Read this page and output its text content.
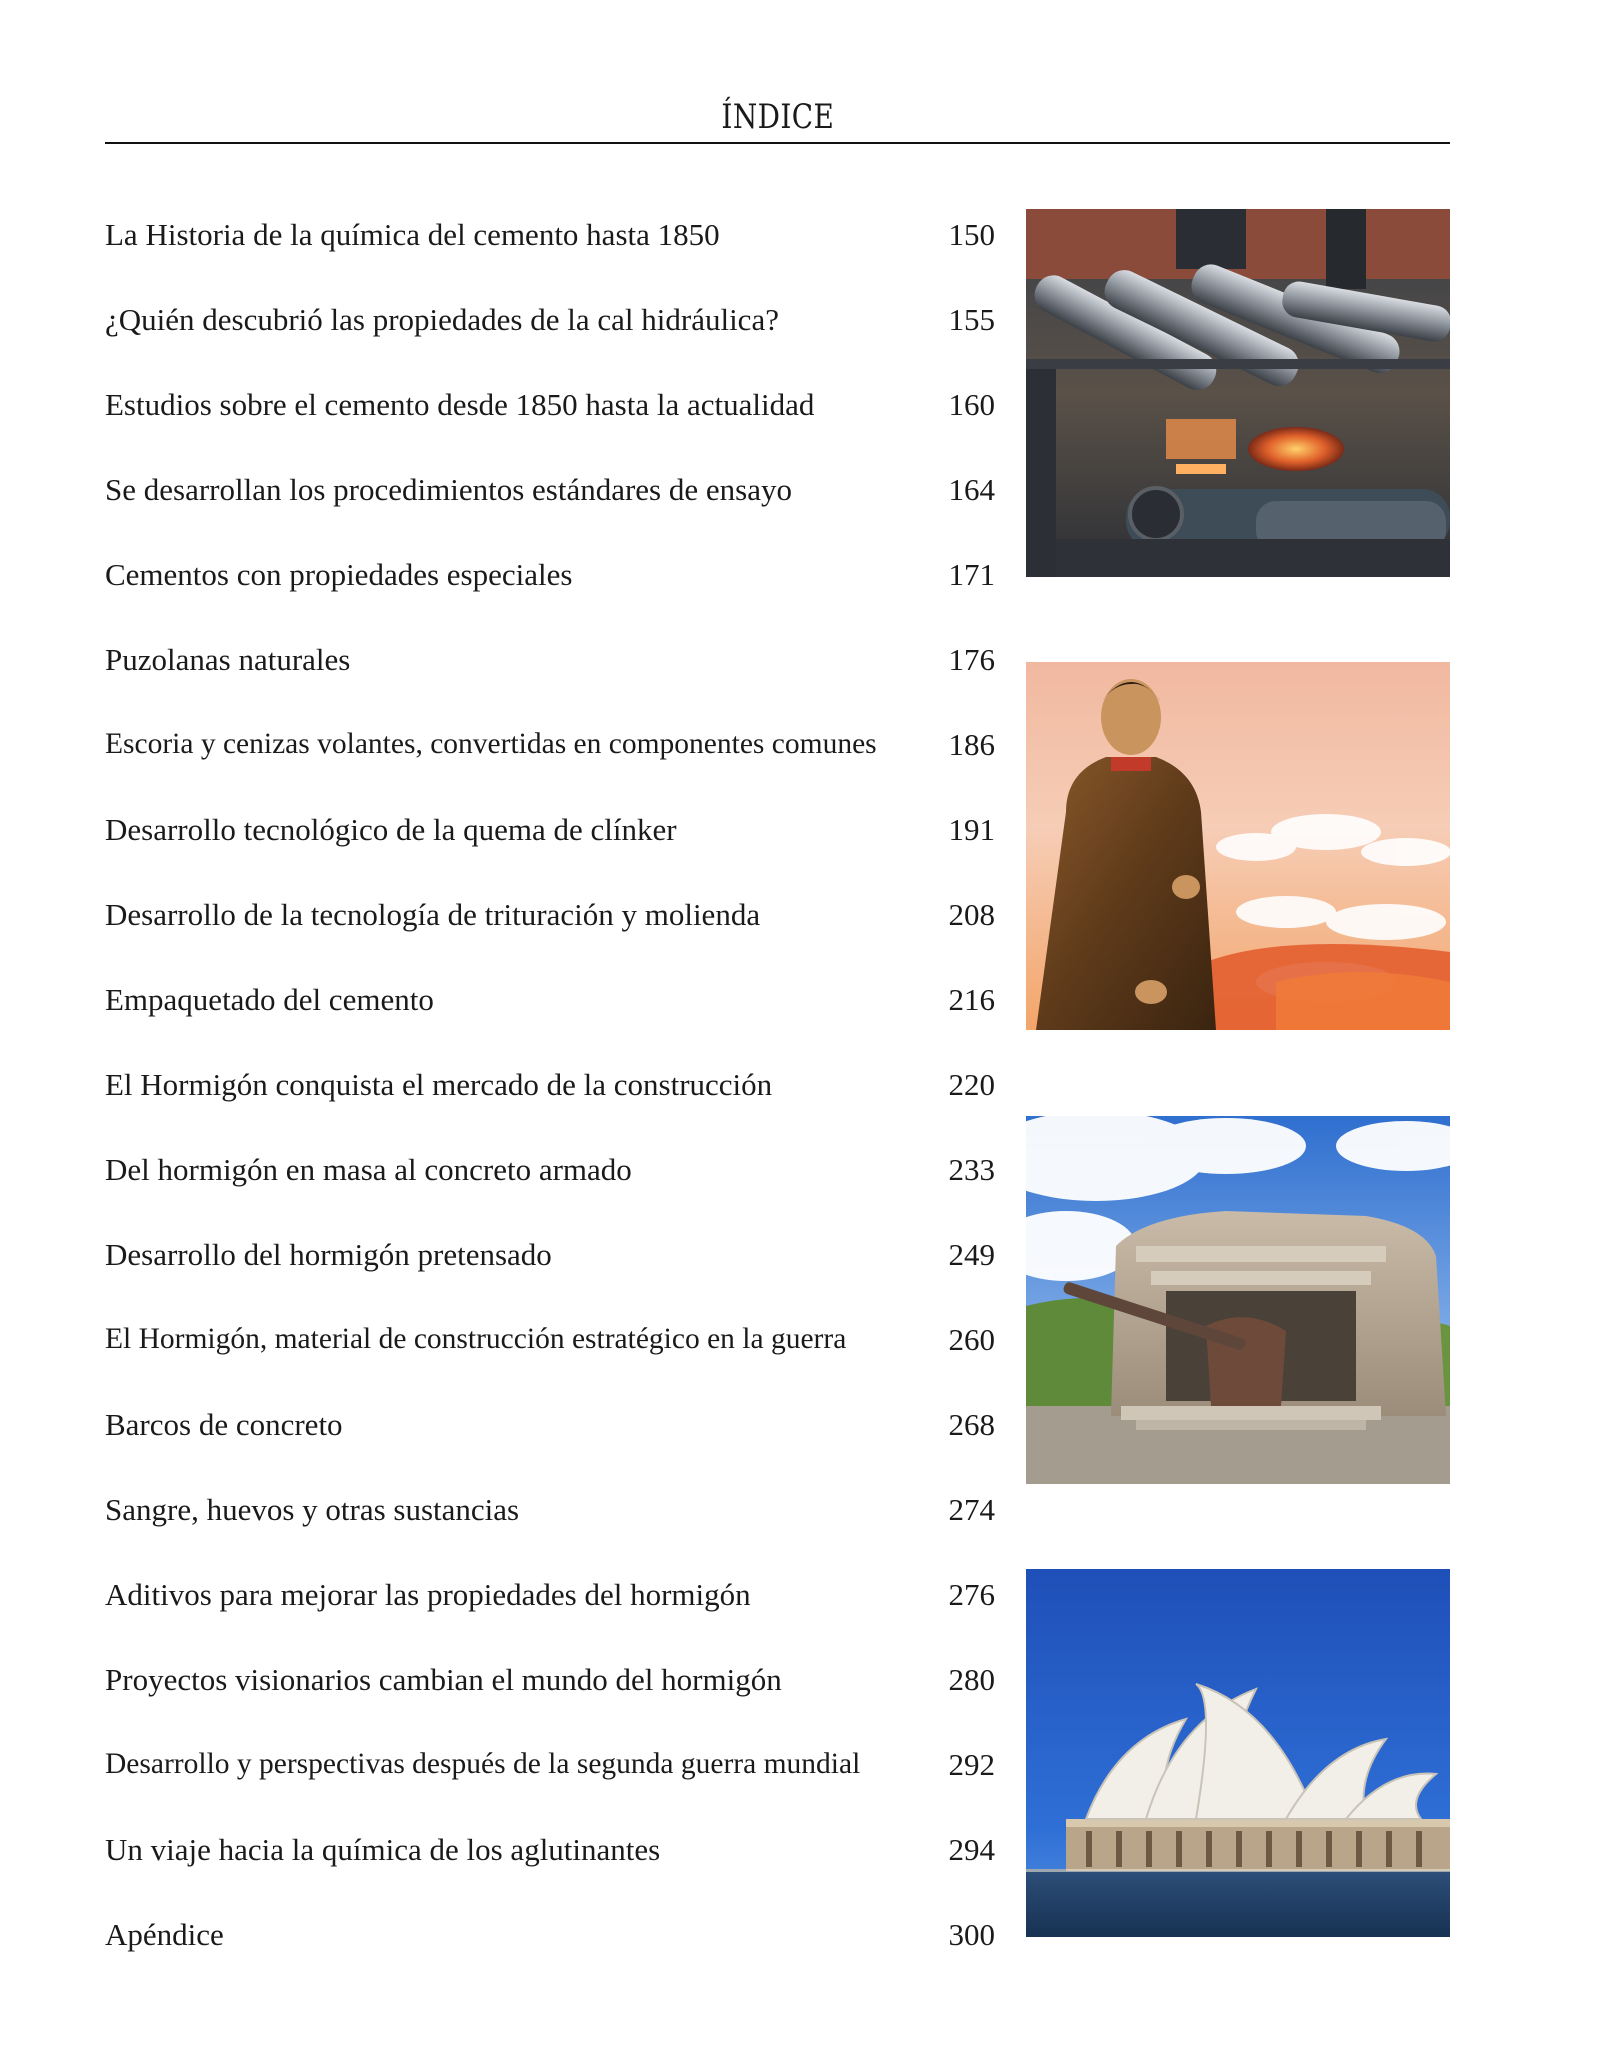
ÍNDICE
La Historia de la química del cemento hasta 1850	150
¿Quién descubrió las propiedades de la cal hidráulica?	155
Estudios sobre el cemento desde 1850 hasta la actualidad	160
Se desarrollan los procedimientos estándares de ensayo	164
Cementos con propiedades especiales	171
Puzolanas naturales	176
Escoria y cenizas volantes, convertidas en componentes comunes	186
Desarrollo tecnológico de la quema de clínker	191
Desarrollo de la tecnología de trituración y molienda	208
Empaquetado del cemento	216
El Hormigón conquista el mercado de la construcción	220
Del hormigón en masa al concreto armado	233
Desarrollo del hormigón pretensado	249
El Hormigón, material de construcción estratégico en la guerra	260
Barcos de concreto	268
Sangre, huevos y otras sustancias	274
Aditivos para mejorar las propiedades del hormigón	276
Proyectos visionarios cambian el mundo del hormigón	280
Desarrollo y perspectivas después de la segunda guerra mundial	292
Un viaje hacia la química de los aglutinantes	294
Apéndice	300
